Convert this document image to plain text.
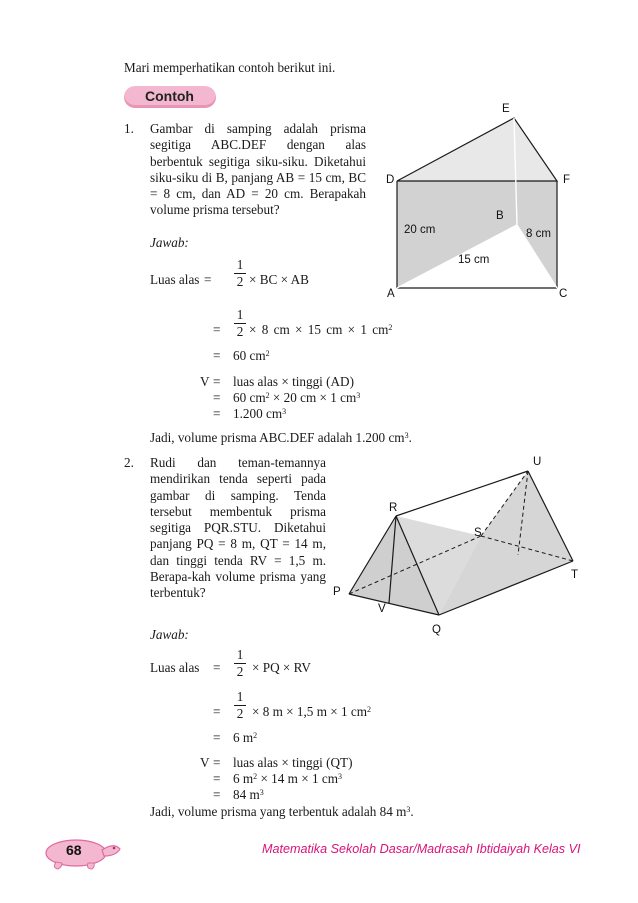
Mari memperhatikan contoh berikut ini.
Contoh
1. Gambar di samping adalah prisma segitiga ABC.DEF dengan alas berbentuk segitiga siku-siku. Diketahui siku-siku di B, panjang AB = 15 cm, BC = 8 cm, dan AD = 20 cm. Berapakah volume prisma tersebut?
Jawab:
Luas alas =
1
2 × BC × AB
=
1
2 × 8 cm × 15 cm × 1 $cm^2$
= 60 $cm^2$
V = luas alas × tinggi (AD)
= 60 $cm^2 \times 20$ cm × 1 $cm^3$
= 1.200 $cm^3$
Jadi, volume prisma ABC.DEF adalah 1.200 $cm^3$.
E
D	F
B
20 cm	8 cm
15 cm
A	C
2. Rudi dan teman-temannya mendirikan tenda seperti pada gambar di samping. Tenda tersebut membentuk prisma segitiga PQR.STU. Diketahui panjang PQ = 8 m, QT = 14 m, dan tinggi tenda RV = 1,5 m. Berapa-kah volume prisma yang terbentuk?
Jawab:
Luas alas =
1
2 × PQ × RV
=
1
2 × 8 m × 1,5 m × 1 $cm^2$
= 6 $m^2$
V = luas alas × tinggi (QT)
= 6 $m^2 \times 14$ m × 1 $cm^3$
= 84 $m^3$
Jadi, volume prisma yang terbentuk adalah 84 $m^3$.
U
R
S
T
P
V
Q
68	Matematika Sekolah Dasar/Madrasah Ibtidaiyah Kelas VI
